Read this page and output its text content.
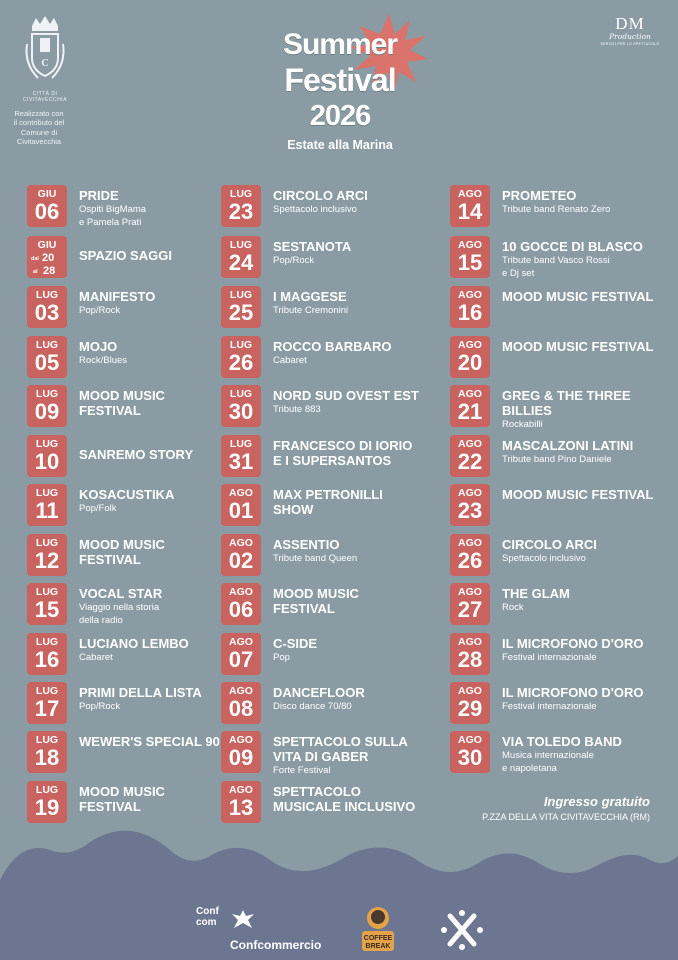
C
CITTÀ DI CIVITAVECCHIA
Realizzato con
il contributo del
Comune di
Civitavecchia
Summer
Festival
2026
Estate alla Marina
DM
Production
SERVIZI PER LO SPETTACOLO
GIU
06
PRIDE
Ospiti BigMama
e Pamela Prati
GIU
dal 20
al 28
SPAZIO SAGGI
LUG
03
MANIFESTO
Pop/Rock
LUG
05
MOJO
Rock/Blues
LUG
09
MOOD MUSIC FESTIVAL
LUG
10	SANREMO STORY
LUG
11
KOSACUSTIKA
Pop/Folk
LUG
12
MOOD MUSIC FESTIVAL
LUG
15
VOCAL STAR
Viaggio nella storia
della radio
LUG
16
LUCIANO LEMBO
Cabaret
LUG
17
PRIMI DELLA LISTA
Pop/Rock
LUG
18
WEWER'S SPECIAL 90
LUG
19
MOOD MUSIC FESTIVAL
LUG
23
CIRCOLO ARCI
Spettacolo inclusivo
LUG
24
SESTANOTA
Pop/Rock
LUG
25
I MAGGESE
Tribute Cremonini
LUG
26
ROCCO BARBARO
Cabaret
LUG
30
NORD SUD OVEST EST
Tribute 883
LUG
31
FRANCESCO DI IORIO E I SUPERSANTOS
AGO
01
MAX PETRONILLI SHOW
AGO
02
ASSENTIO
Tribute band Queen
AGO
06
MOOD MUSIC FESTIVAL
AGO
07
C-SIDE
Pop
AGO
08
DANCEFLOOR
Disco dance 70/80
AGO
09
SPETTACOLO SULLA VITA DI GABER
Forte Festival
AGO
13
SPETTACOLO MUSICALE INCLUSIVO
AGO
14
PROMETEO
Tribute band Renato Zero
AGO
15
10 GOCCE DI BLASCO
Tribute band Vasco Rossi
e Dj set
AGO
16
MOOD MUSIC FESTIVAL
AGO
20
MOOD MUSIC FESTIVAL
AGO
21
GREG & THE THREE BILLIES
Rockabilli
AGO
22
MASCALZONI LATINI
Tribute band Pino Daniele
AGO
23
MOOD MUSIC FESTIVAL
AGO
26
CIRCOLO ARCI
Spettacolo inclusivo
AGO
27
THE GLAM
Rock
AGO
28
IL MICROFONO D'ORO
Festival internazionale
AGO
29
IL MICROFONO D'ORO
Festival internazionale
AGO
30
VIA TOLEDO BAND
Musica internazionale
e napoletana
Ingresso gratuito
P.ZZA DELLA VITA CIVITAVECCHIA (RM)
Conf
com
Confcommercio	COFFEE
BREAK
